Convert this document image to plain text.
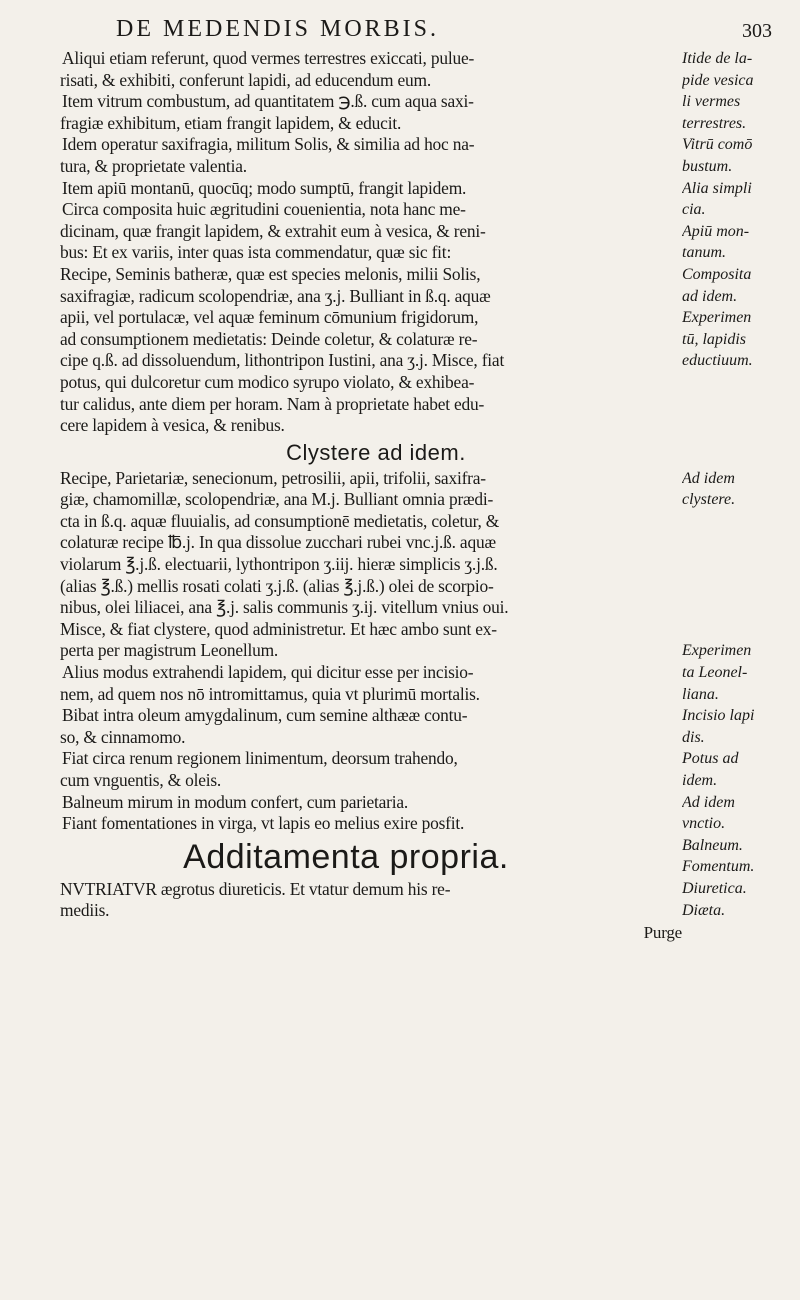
DE MEDENDIS MORBIS.	303
Aliqui etiam referunt, quod vermes terrestres exiccati, pulue-
risati, & exhibiti, conferunt lapidi, ad educendum eum.
Item vitrum combustum, ad quantitatem ℈.ß. cum aqua saxi-
fragiæ exhibitum, etiam frangit lapidem, & educit.
Idem operatur saxifragia, militum Solis, & similia ad hoc na-
tura, & proprietate valentia.
Item apiū montanū, quocūq; modo sumptū, frangit lapidem.
Circa composita huic ægritudini couenientia, nota hanc me-
dicinam, quæ frangit lapidem, & extrahit eum à vesica, & reni-
bus: Et ex variis, inter quas ista commendatur, quæ sic fit:
Recipe, Seminis batheræ, quæ est species melonis, milii Solis,
saxifragiæ, radicum scolopendriæ, ana ʒ.j. Bulliant in ß.q. aquæ
apii, vel portulacæ, vel aquæ feminum cōmunium frigidorum,
ad consumptionem medietatis: Deinde coletur, & colaturæ re-
cipe q.ß. ad dissoluendum, lithontripon Iustini, ana ʒ.j. Misce, fiat
potus, qui dulcoretur cum modico syrupo violato, & exhibea-
tur calidus, ante diem per horam. Nam à proprietate habet edu-
cere lapidem à vesica, & renibus.
Clystere ad idem.
Recipe, Parietariæ, senecionum, petrosilii, apii, trifolii, saxifra-
giæ, chamomillæ, scolopendriæ, ana M.j. Bulliant omnia prædi-
cta in ß.q. aquæ fluuialis, ad consumptionē medietatis, coletur, &
colaturæ recipe ℔.j. In qua dissolue zucchari rubei vnc.j.ß. aquæ
violarum ℥.j.ß. electuarii, lythontripon ʒ.iij. hieræ simplicis ʒ.j.ß.
(alias ℥.ß.) mellis rosati colati ʒ.j.ß. (alias ℥.j.ß.) olei de scorpio-
nibus, olei liliacei, ana ℥.j. salis communis ʒ.ij. vitellum vnius oui.
Misce, & fiat clystere, quod administretur. Et hæc ambo sunt ex-
perta per magistrum Leonellum.
Alius modus extrahendi lapidem, qui dicitur esse per incisio-
nem, ad quem nos nō intromittamus, quia vt plurimū mortalis.
Bibat intra oleum amygdalinum, cum semine althææ contu-
so, & cinnamomo.
Fiat circa renum regionem linimentum, deorsum trahendo,
cum vnguentis, & oleis.
Balneum mirum in modum confert, cum parietaria.
Fiant fomentationes in virga, vt lapis eo melius exire posfit.
Additamenta propria.
NVTRIATVR ægrotus diureticis. Et vtatur demum his re-
mediis.
Purge
Itide de la-
pide vesica
li vermes
terrestres.
Vitrū comō
bustum.
Alia simpli
cia.
Apiū mon-
tanum.
Composita
ad idem.
Experimen
tū, lapidis
eductiuum.
Ad idem
clystere.
Experimen
ta Leonel-
liana.
Incisio lapi
dis.
Potus ad
idem.
Ad idem
vnctio.
Balneum.
Fomentum.
Diuretica.
Diæta.
